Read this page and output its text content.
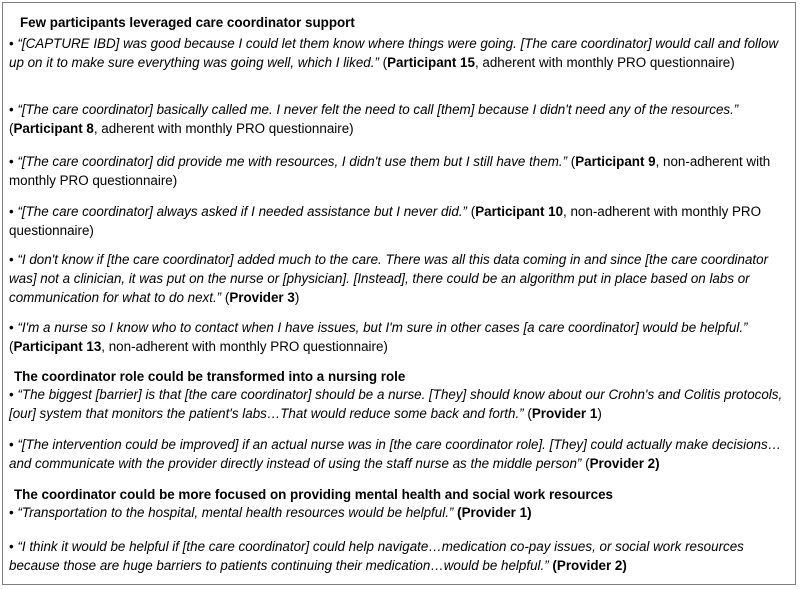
Few participants leveraged care coordinator support
• “[CAPTURE IBD] was good because I could let them know where things were going. [The care coordinator] would call and follow up on it to make sure everything was going well, which I liked.” (Participant 15, adherent with monthly PRO questionnaire)
• “[The care coordinator] basically called me. I never felt the need to call [them] because I didn't need any of the resources.” (Participant 8, adherent with monthly PRO questionnaire)
• “[The care coordinator] did provide me with resources, I didn't use them but I still have them.” (Participant 9, non-adherent with monthly PRO questionnaire)
• “[The care coordinator] always asked if I needed assistance but I never did.” (Participant 10, non-adherent with monthly PRO questionnaire)
• “I don't know if [the care coordinator] added much to the care. There was all this data coming in and since [the care coordinator was] not a clinician, it was put on the nurse or [physician]. [Instead], there could be an algorithm put in place based on labs or communication for what to do next.” (Provider 3)
• “I'm a nurse so I know who to contact when I have issues, but I'm sure in other cases [a care coordinator] would be helpful.” (Participant 13, non-adherent with monthly PRO questionnaire)
The coordinator role could be transformed into a nursing role
• “The biggest [barrier] is that [the care coordinator] should be a nurse. [They] should know about our Crohn's and Colitis protocols, [our] system that monitors the patient's labs…That would reduce some back and forth.” (Provider 1)
• “[The intervention could be improved] if an actual nurse was in [the care coordinator role]. [They] could actually make decisions…and communicate with the provider directly instead of using the staff nurse as the middle person” (Provider 2)
The coordinator could be more focused on providing mental health and social work resources
• “Transportation to the hospital, mental health resources would be helpful.” (Provider 1)
• “I think it would be helpful if [the care coordinator] could help navigate…medication co-pay issues, or social work resources because those are huge barriers to patients continuing their medication…would be helpful.” (Provider 2)
